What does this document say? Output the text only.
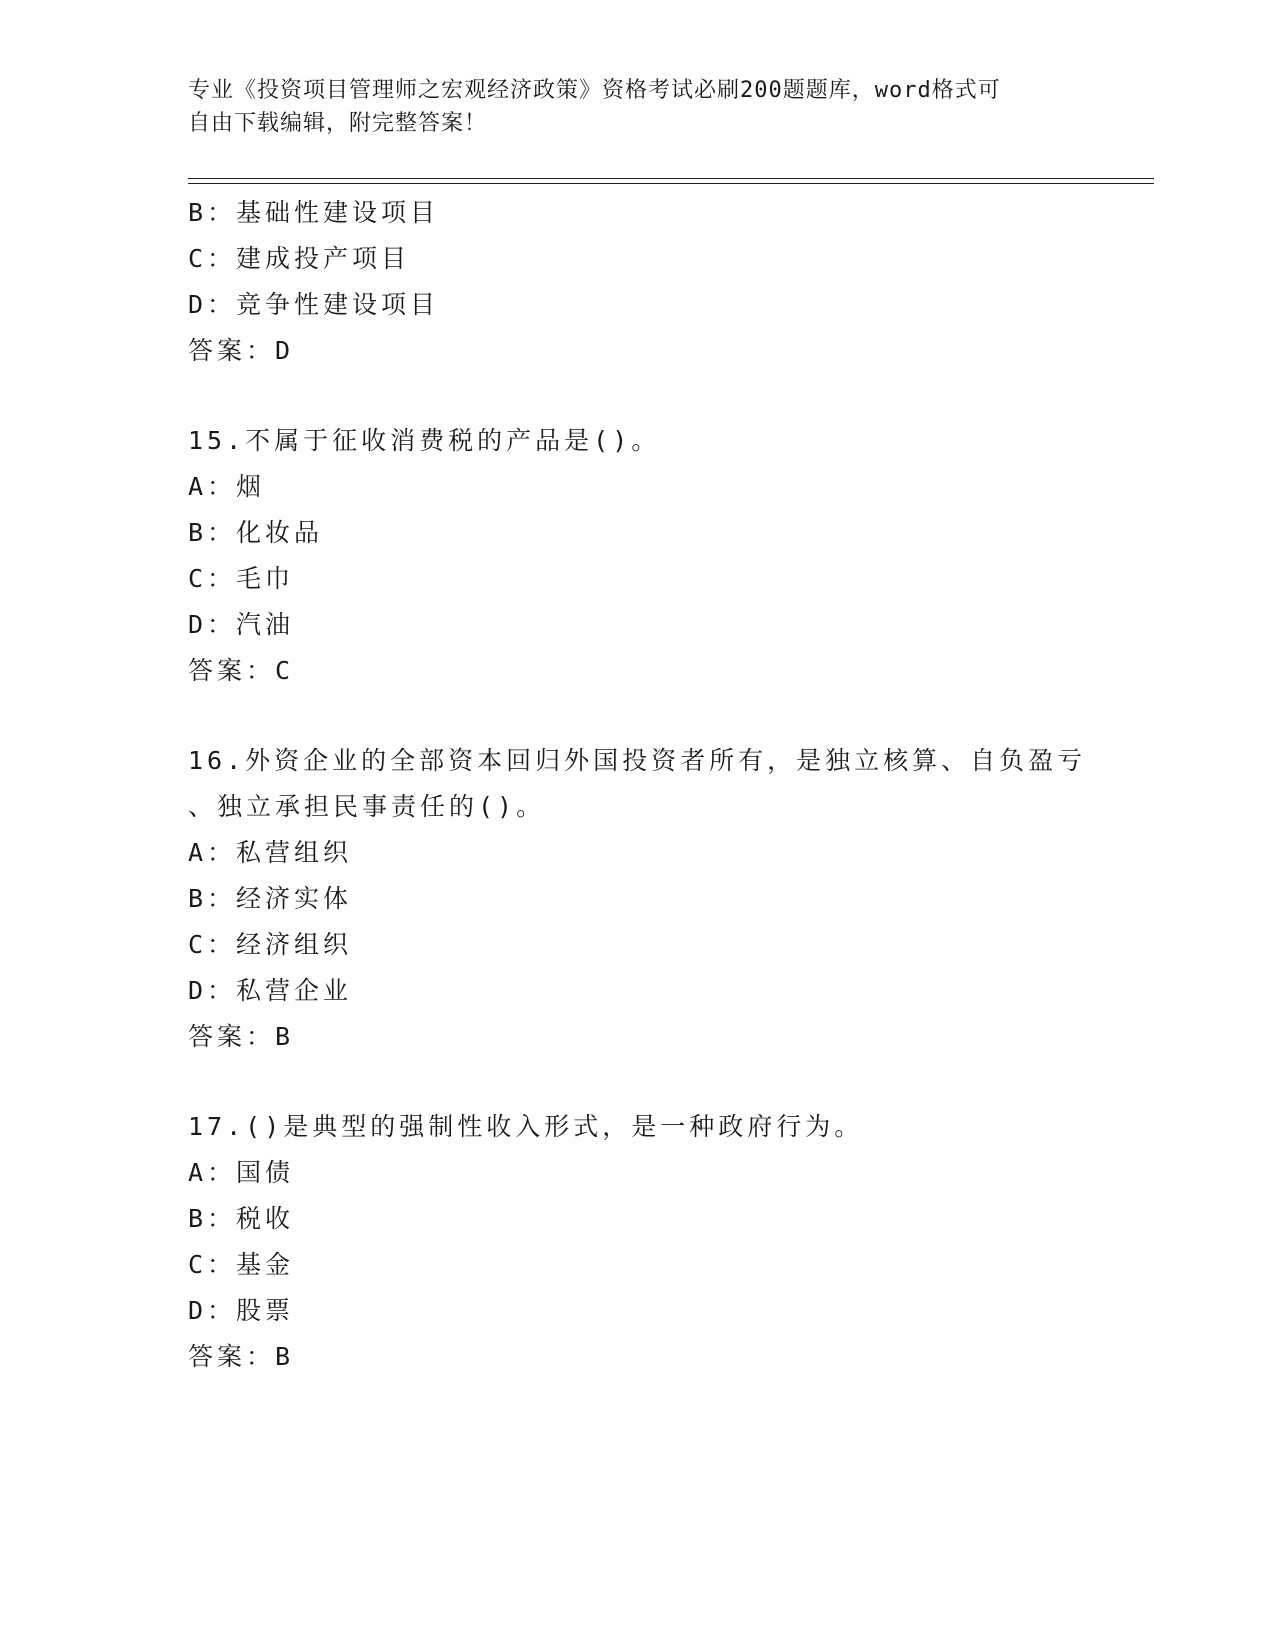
专业《投资项目管理师之宏观经济政策》资格考试必刷200题题库，word格式可
自由下载编辑，附完整答案！
B：基础性建设项目
C：建成投产项目
D：竞争性建设项目
答案：D
15.不属于征收消费税的产品是()。
A：烟
B：化妆品
C：毛巾
D：汽油
答案：C
16.外资企业的全部资本回归外国投资者所有，是独立核算、自负盈亏
、独立承担民事责任的()。
A：私营组织
B：经济实体
C：经济组织
D：私营企业
答案：B
17.()是典型的强制性收入形式，是一种政府行为。
A：国债
B：税收
C：基金
D：股票
答案：B
